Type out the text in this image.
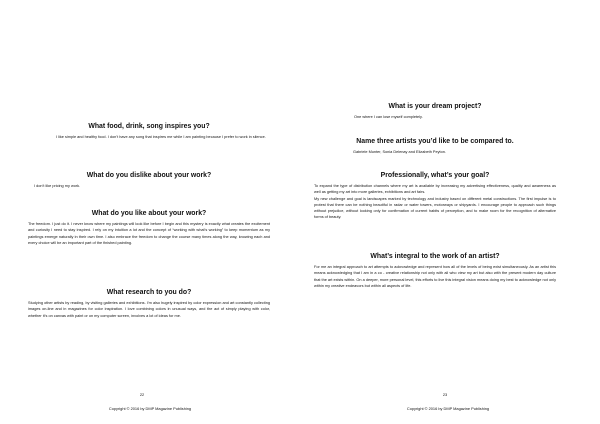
What food, drink, song inspires you?

I like simple and healthy food. I don’t have any song that inspires me while I am painting because I prefer to work in silence.

What do you dislike about your work?

I don’t like pricing my work.

What do you like about your work?

The freedom. I just do it. I never know where my paintings will look like before I begin and this mystery is exactly what creates the excitement and curiosity I need to stay inspired. I rely on my intuition a lot and the concept of “working with what’s working” to keep momentum as my paintings emerge naturally in their own time. I also embrace the freedom to change the course many times along the way, knowing each and every choice will be an important part of the finished painting.

What research to you do?

Studying other artists by reading, by visiting galleries and exhibitions. I’m also hugely inspired by color expression and art constantly collecting images on-line and in magazines for color inspiration. I love combining colors in unusual ways, and the act of simply playing with color, whether it’s on canvas with paint or on my computer screen, involves a lot of ideas for me.

22
Copyright © 2016 by DMP Magazine Publishing
What is your dream project?

One where I can lose myself completely.

Name three artists you’d like to be compared to.

Gabriele Munter, Sonia Delenay and Elizabeth Peyton.

Professionally, what’s your goal?

To expand the type of distribution channels where my art is available by increasing my advertising effectiveness, quality and awareness as well as getting my art into more galleries, exhibitions and art fairs.

My new challenge and goal is landscapes marked by technology and industry based on different metal constructions. The first impulse is to protest that there can be nothing beautiful in radar or water towers, motorways or shipyards. I encourage people to approach such things without prejudice, without looking only for confirmation of current habits of perception, and to make room for the recognition of alternative forms of beauty.

What’s integral to the work of an artist?

For me an integral approach to art attempts to acknowledge and represent how all of the levels of being exist simultaneously. As an artist this means acknowledging that I am in a co - creative relationship not only with all who view my art but also with the present modern day culture that the art exists within. On a deeper, more personal level, this efforts to live this integral vision means doing my best to acknowledge not only within my creative endeavors but within all aspects of life.

23
Copyright © 2016 by DMP Magazine Publishing
